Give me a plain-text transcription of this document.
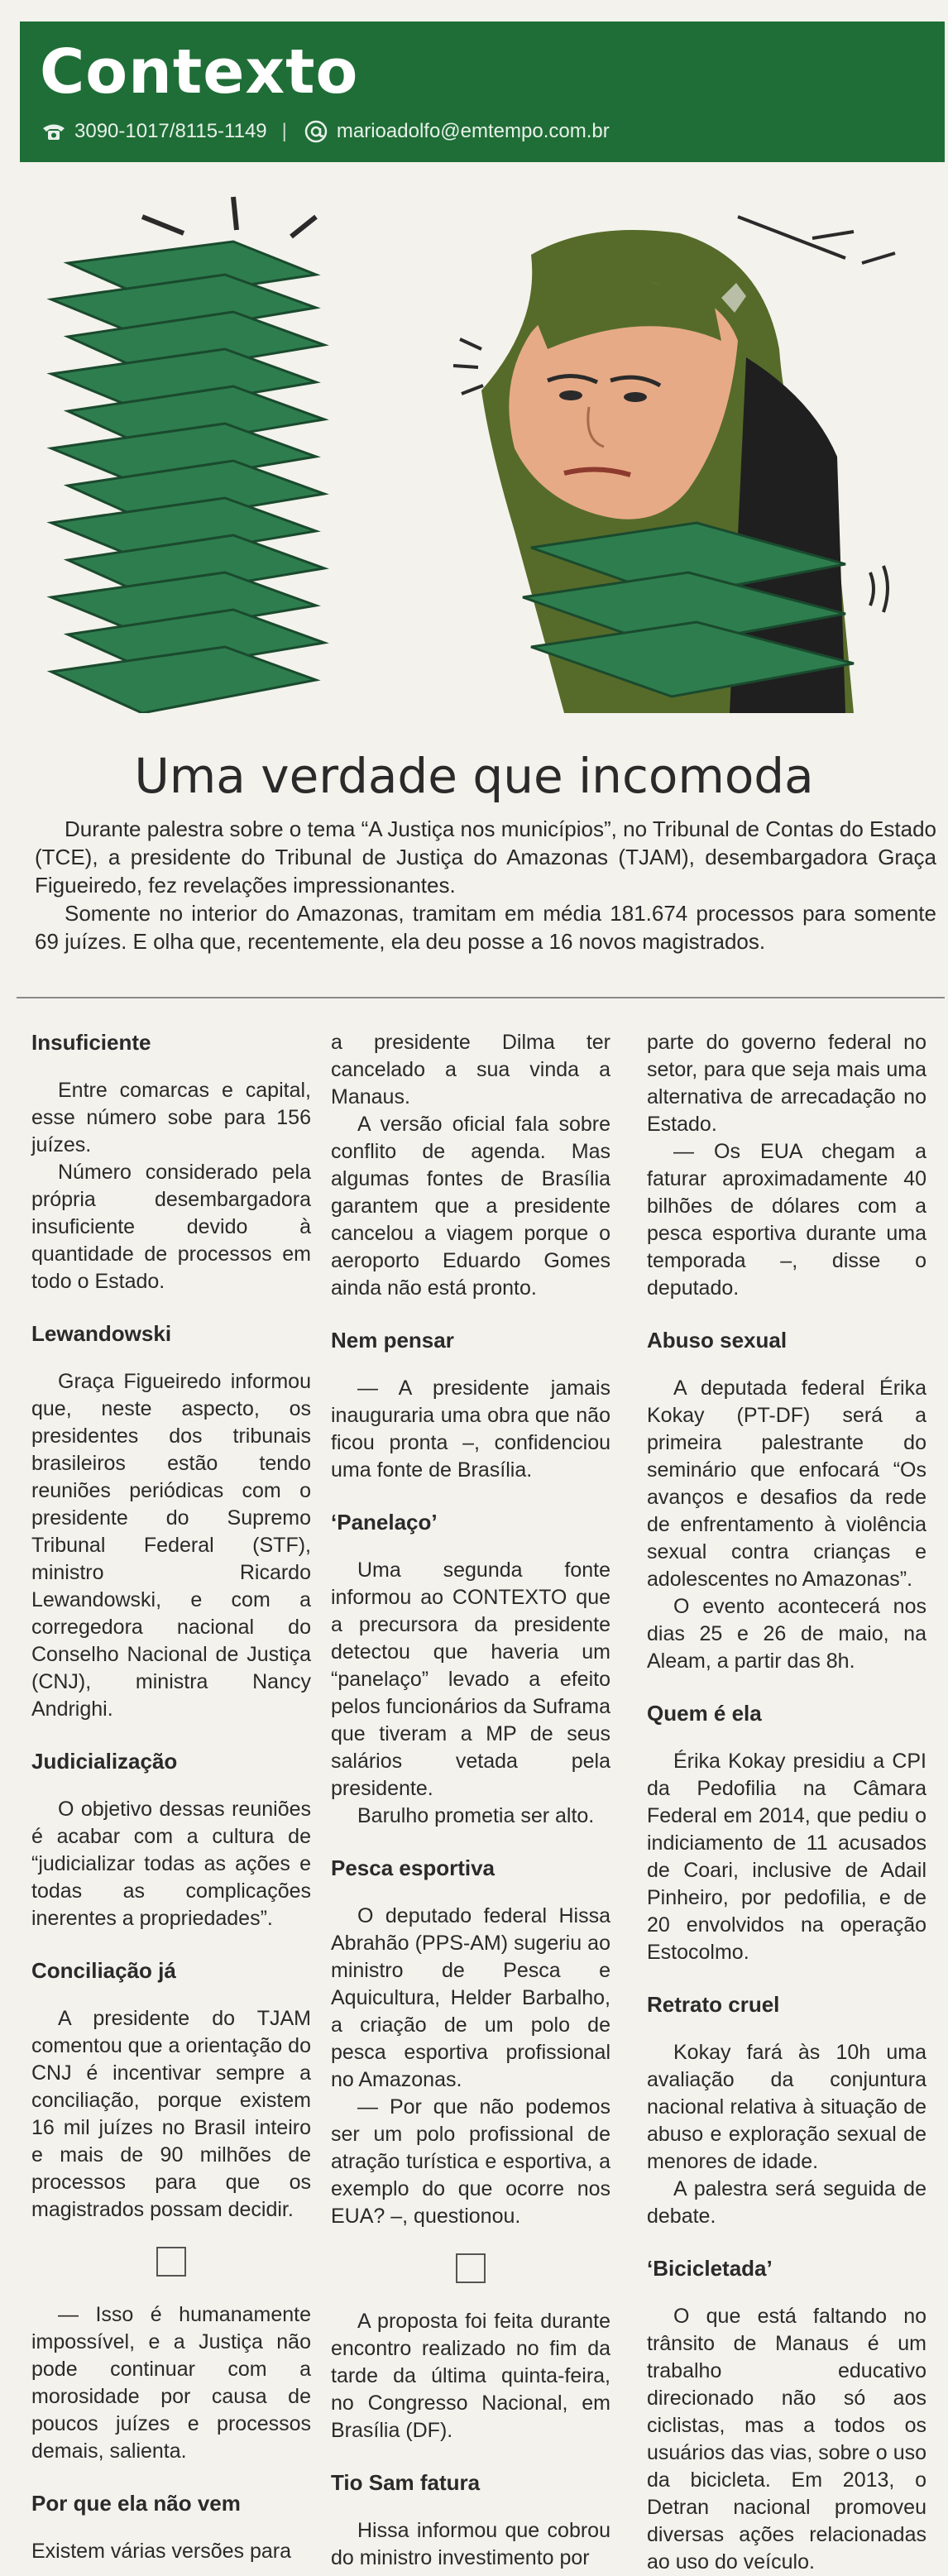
Contexto
3090-1017/8115-1149 |	marioadolfo@emtempo.com.br
Uma verdade que incomoda

Durante palestra sobre o tema “A Justiça nos municípios”, no Tribunal de Contas do Estado (TCE), a presidente do Tribunal de Justiça do Amazonas (TJAM), desembargadora Graça Figueiredo, fez revelações impressionantes.

Somente no interior do Amazonas, tramitam em média 181.674 processos para somente 69 juízes. E olha que, recentemente, ela deu posse a 16 novos magistrados.

Insuficiente

Entre comarcas e capital, esse número sobe para 156 juízes.

Número considerado pela própria desembargadora insuficiente devido à quantidade de processos em todo o Estado.

Lewandowski

Graça Figueiredo informou que, neste aspecto, os presidentes dos tribunais brasileiros estão tendo reuniões periódicas com o presidente do Supremo Tribunal Federal (STF), ministro Ricardo Lewandowski, e com a corregedora nacional do Conselho Nacional de Justiça (CNJ), ministra Nancy Andrighi.

Judicialização

O objetivo dessas reuniões é acabar com a cultura de “judicializar todas as ações e todas as complicações inerentes a propriedades”.

Conciliação já

A presidente do TJAM comentou que a orientação do CNJ é incentivar sempre a conciliação, porque existem 16 mil juízes no Brasil inteiro e mais de 90 milhões de processos para que os magistrados possam decidir.

— Isso é humanamente impossível, e a Justiça não pode continuar com a morosidade por causa de poucos juízes e processos demais, salienta.

Por que ela não vem

Existem várias versões para

a presidente Dilma ter cancelado a sua vinda a Manaus.

A versão oficial fala sobre conflito de agenda. Mas algumas fontes de Brasília garantem que a presidente cancelou a viagem porque o aeroporto Eduardo Gomes ainda não está pronto.

Nem pensar

— A presidente jamais inauguraria uma obra que não ficou pronta –, confidenciou uma fonte de Brasília.

‘Panelaço’

Uma segunda fonte informou ao CONTEXTO que a precursora da presidente detectou que haveria um “panelaço” levado a efeito pelos funcionários da Suframa que tiveram a MP de seus salários vetada pela presidente.

Barulho prometia ser alto.

Pesca esportiva

O deputado federal Hissa Abrahão (PPS-AM) sugeriu ao ministro de Pesca e Aquicultura, Helder Barbalho, a criação de um polo de pesca esportiva profissional no Amazonas.

— Por que não podemos ser um polo profissional de atração turística e esportiva, a exemplo do que ocorre nos EUA? –, questionou.

A proposta foi feita durante encontro realizado no fim da tarde da última quinta-feira, no Congresso Nacional, em Brasília (DF).

Tio Sam fatura

Hissa informou que cobrou do ministro investimento por

parte do governo federal no setor, para que seja mais uma alternativa de arrecadação no Estado.

— Os EUA chegam a faturar aproximadamente 40 bilhões de dólares com a pesca esportiva durante uma temporada –, disse o deputado.

Abuso sexual

A deputada federal Érika Kokay (PT-DF) será a primeira palestrante do seminário que enfocará “Os avanços e desafios da rede de enfrentamento à violência sexual contra crianças e adolescentes no Amazonas”.

O evento acontecerá nos dias 25 e 26 de maio, na Aleam, a partir das 8h.

Quem é ela

Érika Kokay presidiu a CPI da Pedofilia na Câmara Federal em 2014, que pediu o indiciamento de 11 acusados de Coari, inclusive de Adail Pinheiro, por pedofilia, e de 20 envolvidos na operação Estocolmo.

Retrato cruel

Kokay fará às 10h uma avaliação da conjuntura nacional relativa à situação de abuso e exploração sexual de menores de idade.

A palestra será seguida de debate.

‘Bicicletada’

O que está faltando no trânsito de Manaus é um trabalho educativo direcionado não só aos ciclistas, mas a todos os usuários das vias, sobre o uso da bicicleta. Em 2013, o Detran nacional promoveu diversas ações relacionadas ao uso do veículo.
